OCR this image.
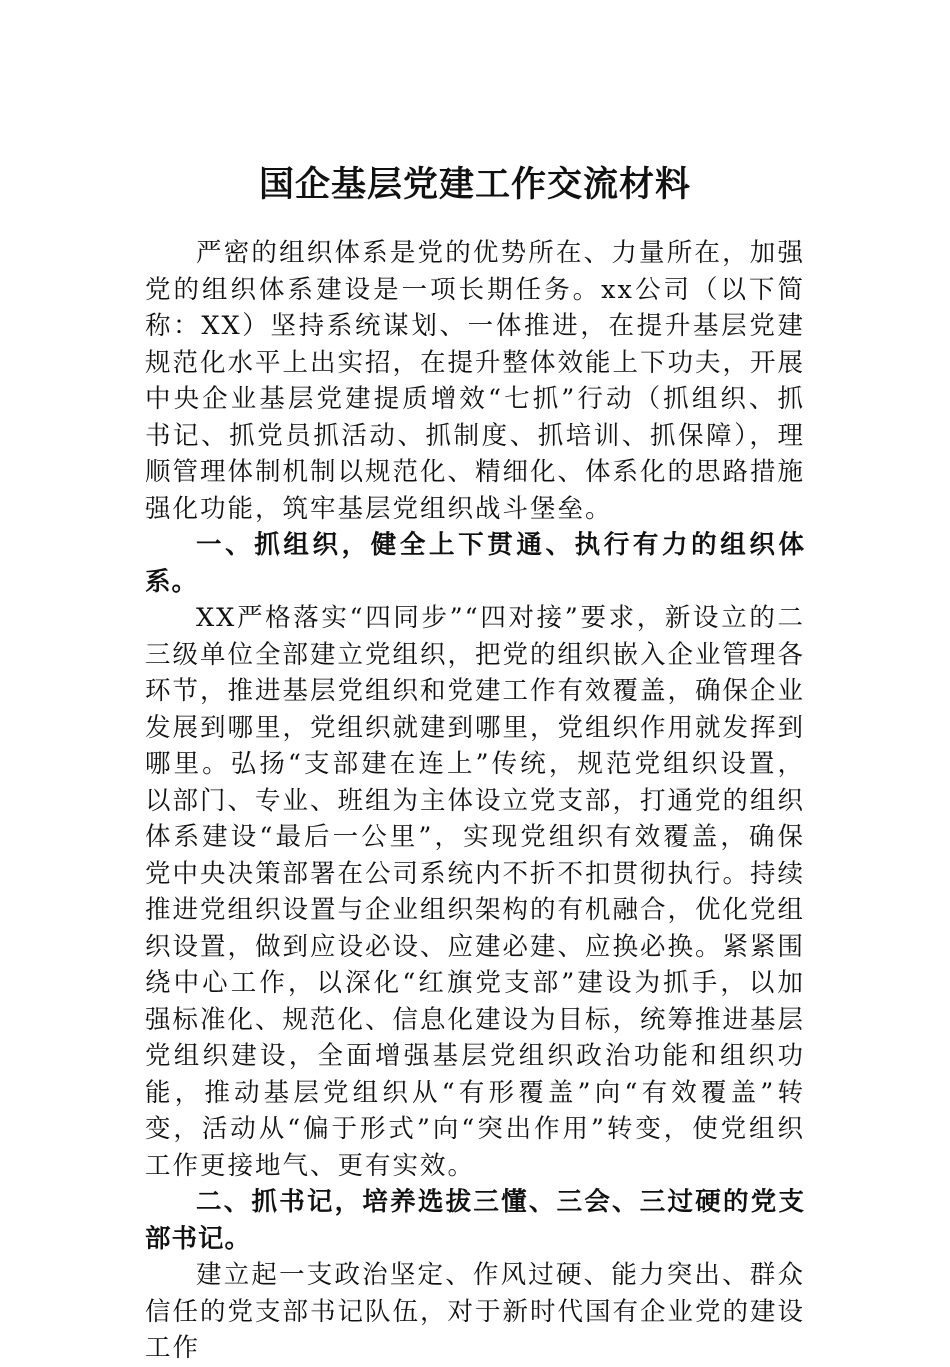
国企基层党建工作交流材料

严密的组织体系是党的优势所在、力量所在，加强党的组织体系建设是一项长期任务。xx公司（以下简称：XX）坚持系统谋划、一体推进，在提升基层党建规范化水平上出实招，在提升整体效能上下功夫，开展中央企业基层党建提质增效“七抓”行动（抓组织、抓书记、抓党员抓活动、抓制度、抓培训、抓保障），理顺管理体制机制以规范化、精细化、体系化的思路措施强化功能，筑牢基层党组织战斗堡垒。

一、抓组织，健全上下贯通、执行有力的组织体系。

XX严格落实“四同步”“四对接”要求，新设立的二三级单位全部建立党组织，把党的组织嵌入企业管理各环节，推进基层党组织和党建工作有效覆盖，确保企业发展到哪里，党组织就建到哪里，党组织作用就发挥到哪里。弘扬“支部建在连上”传统，规范党组织设置，以部门、专业、班组为主体设立党支部，打通党的组织体系建设“最后一公里”，实现党组织有效覆盖，确保党中央决策部署在公司系统内不折不扣贯彻执行。持续推进党组织设置与企业组织架构的有机融合，优化党组织设置，做到应设必设、应建必建、应换必换。紧紧围绕中心工作，以深化“红旗党支部”建设为抓手，以加强标准化、规范化、信息化建设为目标，统筹推进基层党组织建设，全面增强基层党组织政治功能和组织功能，推动基层党组织从“有形覆盖”向“有效覆盖”转变，活动从“偏于形式”向“突出作用”转变，使党组织工作更接地气、更有实效。

二、抓书记，培养选拔三懂、三会、三过硬的党支部书记。

建立起一支政治坚定、作风过硬、能力突出、群众信任的党支部书记队伍，对于新时代国有企业党的建设工作
